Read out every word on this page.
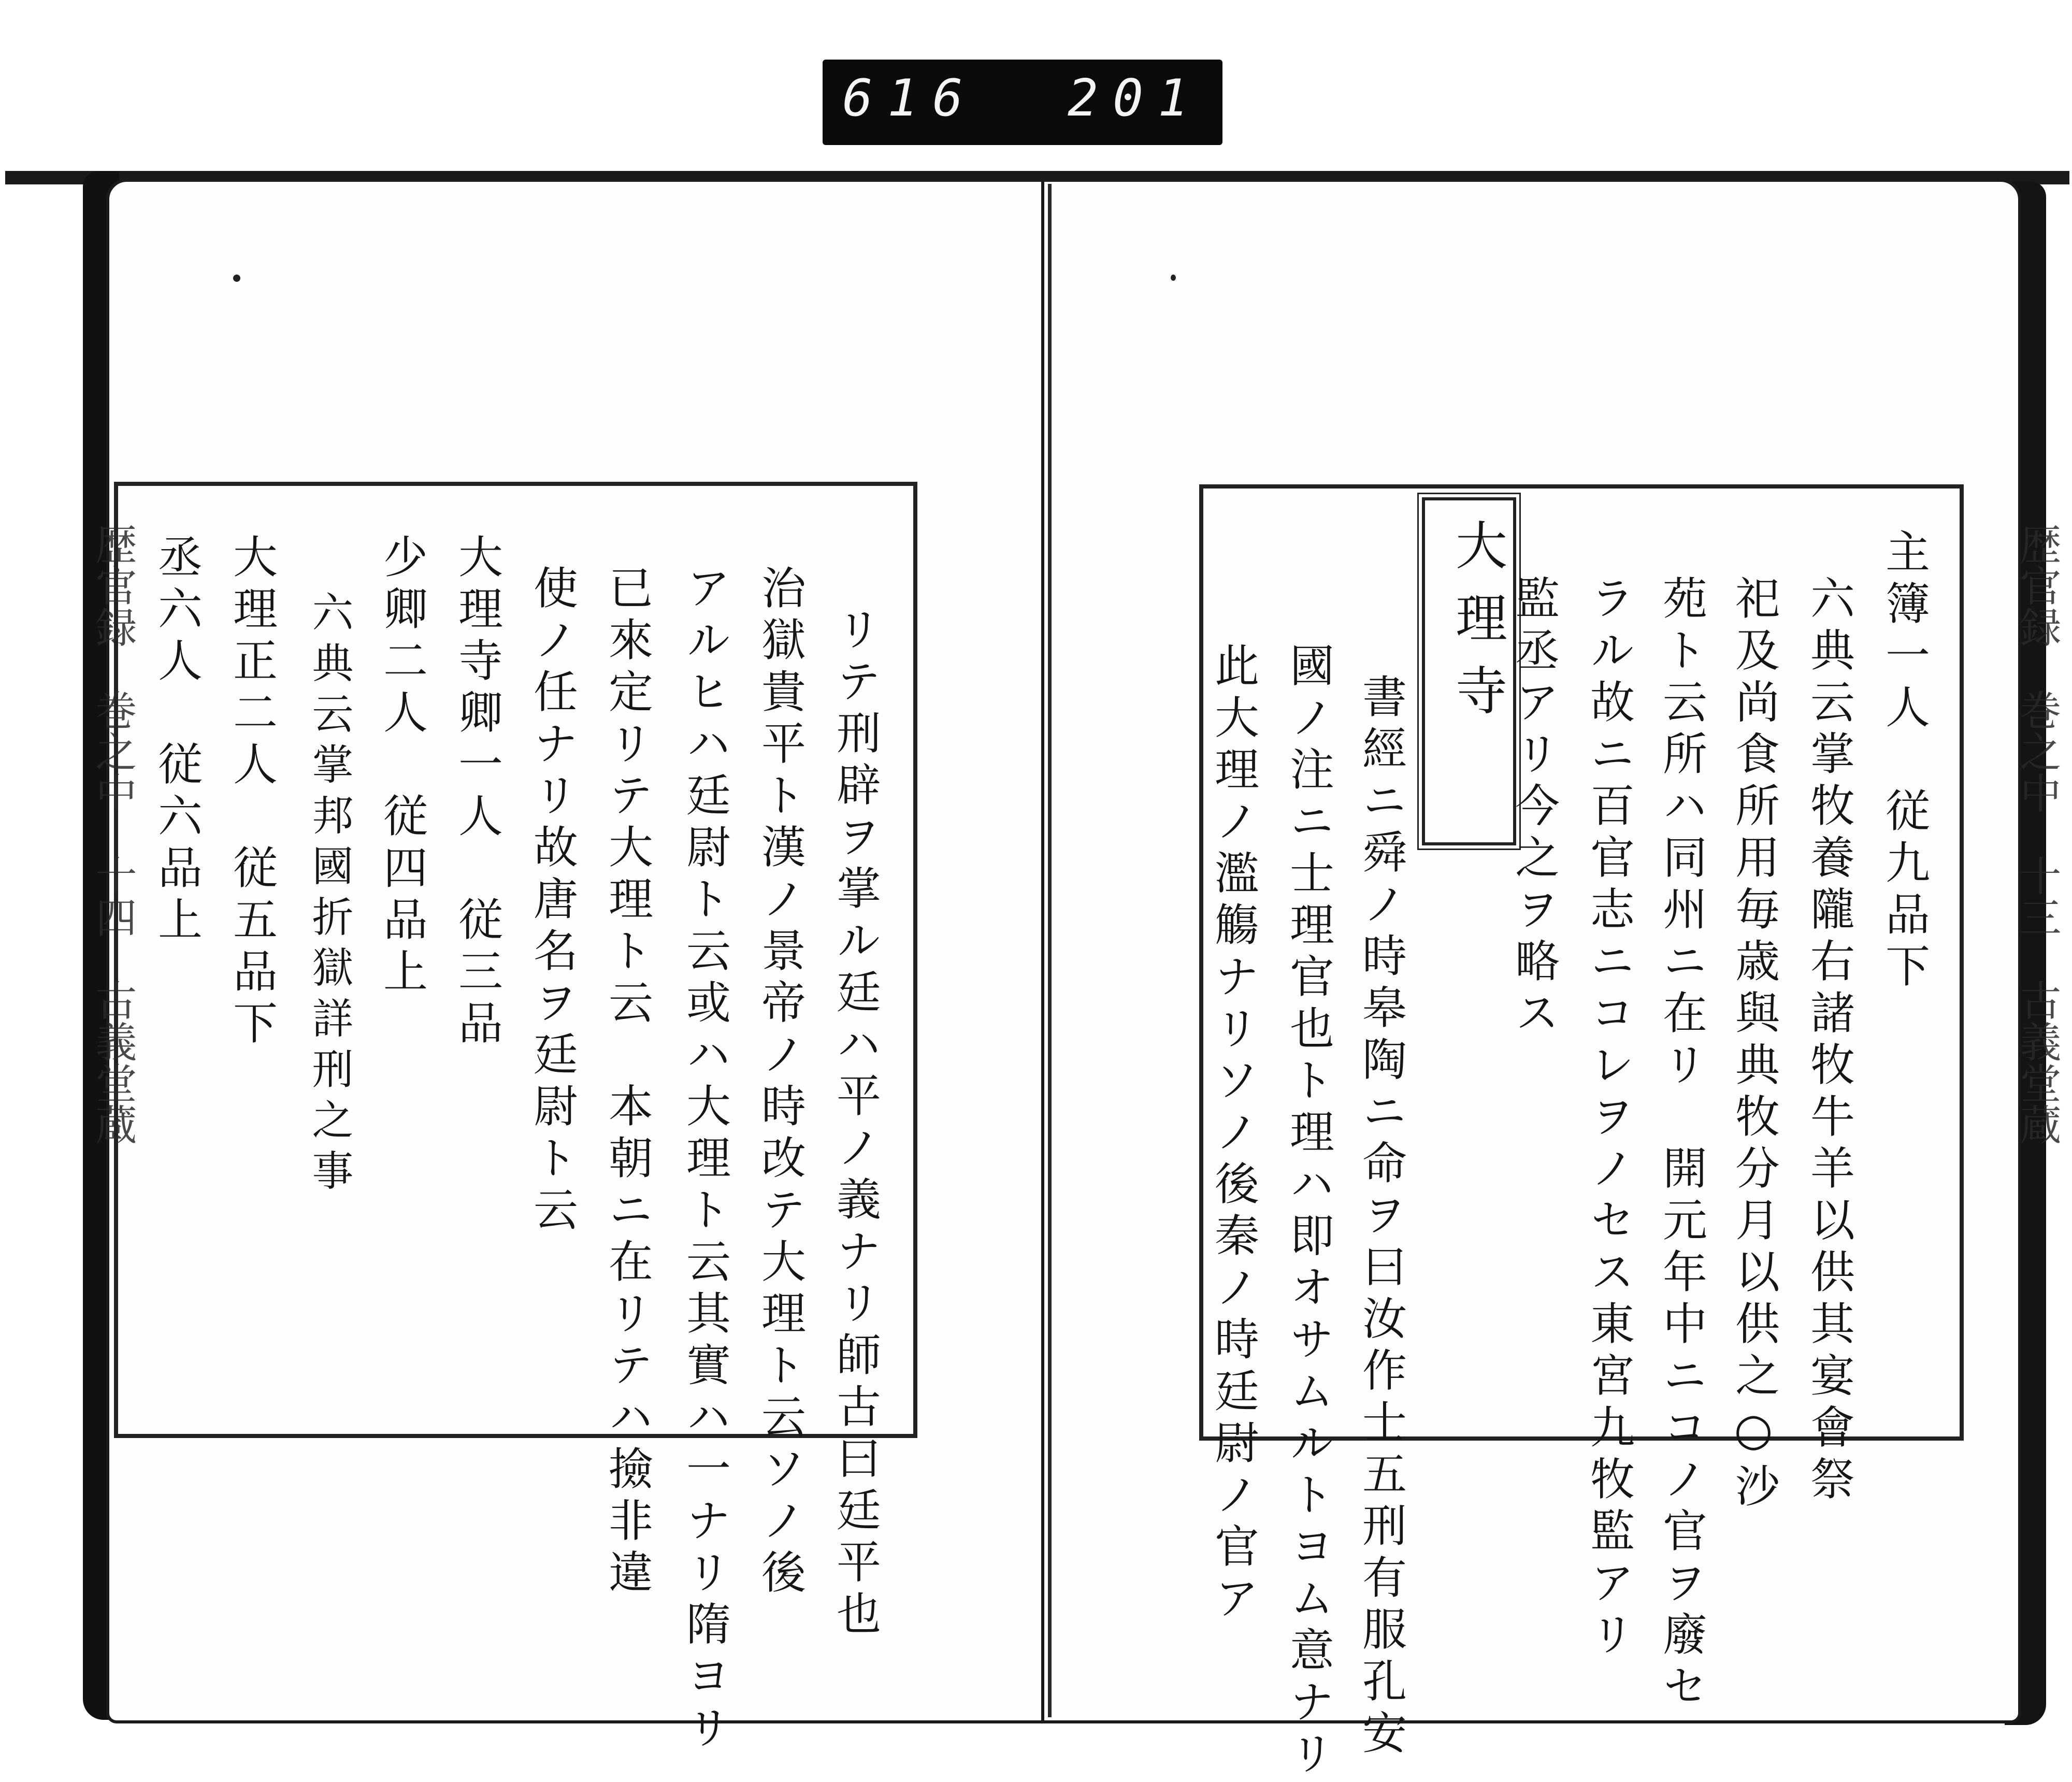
616  201
歴官録　巻之中　十四　古義堂蔵	歴官録　巻之中　十三　古義堂蔵
リテ刑辟ヲ掌ル廷ハ平ノ義ナリ師古曰廷平也
治獄貴平ト漢ノ景帝ノ時改テ大理ト云ソノ後
アルヒハ廷尉ト云或ハ大理ト云其實ハ一ナリ隋ヨリ
已來定リテ大理ト云　本朝ニ在リテハ撿非違
使ノ任ナリ故唐名ヲ廷尉ト云
大理寺卿一人　従三品
少卿二人　従四品上
六典云掌邦國折獄詳刑之事
大理正二人　従五品下
丞六人　従六品上	大理寺	主簿一人　従九品下
六典云掌牧養隴右諸牧牛羊以供其宴會祭
祀及尚食所用毎歳與典牧分月以供之○沙
苑ト云所ハ同州ニ在リ　開元年中ニコノ官ヲ廢セ
ラル故ニ百官志ニコレヲノセス東宮九牧監アリ
監丞アリ今之ヲ略ス
書經ニ舜ノ時皋陶ニ命ヲ曰汝作士五刑有服孔安
國ノ注ニ士理官也ト理ハ即オサムルトヨム意ナリ
此大理ノ濫觴ナリソノ後秦ノ時廷尉ノ官ア
